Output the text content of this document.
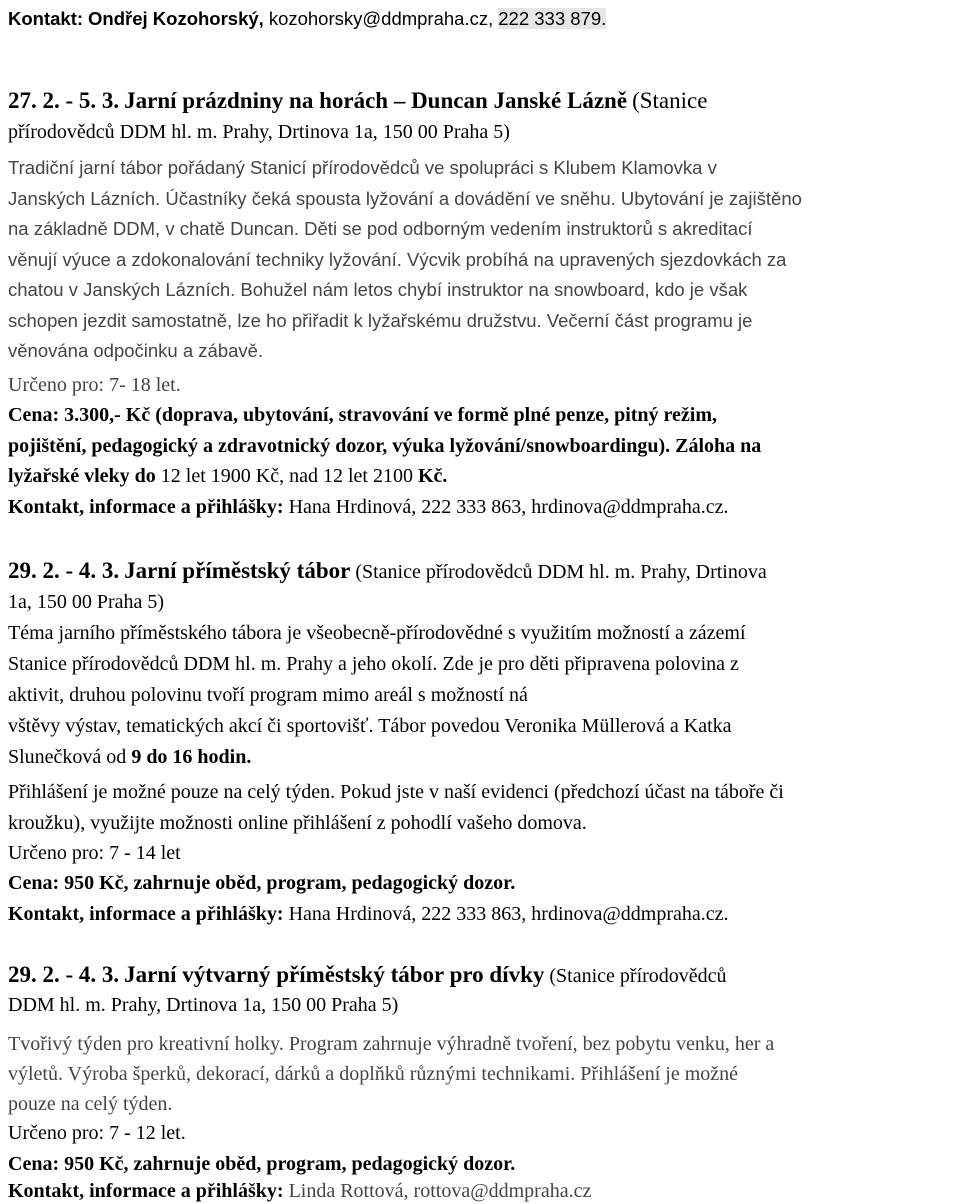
Kontakt: Ondřej Kozohorský, kozohorsky@ddmpraha.cz, 222 333 879.
27. 2. - 5. 3. Jarní prázdniny na horách – Duncan Janské Lázně (Stanice
přírodovědců DDM hl. m. Prahy, Drtinova 1a, 150 00 Praha 5)
Tradiční jarní tábor pořádaný Stanicí přírodovědců ve spolupráci s Klubem Klamovka v
Janských Lázních. Účastníky čeká spousta lyžování a dovádění ve sněhu. Ubytování je zajištěno
na základně DDM, v chatě Duncan. Děti se pod odborným vedením instruktorů s akreditací
věnují výuce a zdokonalování techniky lyžování. Výcvik probíhá na upravených sjezdovkách za
chatou v Janských Lázních. Bohužel nám letos chybí instruktor na snowboard, kdo je však
schopen jezdit samostatně, lze ho přiřadit k lyžařskému družstvu. Večerní část programu je
věnována odpočinku a zábavě.
Určeno pro: 7- 18 let.
Cena: 3.300,- Kč (doprava, ubytování, stravování ve formě plné penze, pitný režim,
pojištění, pedagogický a zdravotnický dozor, výuka lyžování/snowboardingu). Záloha na
lyžařské vleky do 12 let 1900 Kč, nad 12 let 2100 Kč.
Kontakt, informace a přihlášky: Hana Hrdinová, 222 333 863, hrdinova@ddmpraha.cz.
29. 2. - 4. 3. Jarní příměstský tábor (Stanice přírodovědců DDM hl. m. Prahy, Drtinova
1a, 150 00 Praha 5)
Téma jarního příměstského tábora je všeobecně-přírodovědné s využitím možností a zázemí
Stanice přírodovědců DDM hl. m. Prahy a jeho okolí. Zde je pro děti připravena polovina z
aktivit, druhou polovinu tvoří program mimo areál s možností ná
vštěvy výstav, tematických akcí či sportovišť. Tábor povedou Veronika Müllerová a Katka
Slunečková od 9 do 16 hodin.
Přihlášení je možné pouze na celý týden. Pokud jste v naší evidenci (předchozí účast na táboře či
kroužku), využijte možnosti online přihlášení z pohodlí vašeho domova.
Určeno pro: 7 - 14 let
Cena: 950 Kč, zahrnuje oběd, program, pedagogický dozor.
Kontakt, informace a přihlášky: Hana Hrdinová, 222 333 863, hrdinova@ddmpraha.cz.
29. 2. - 4. 3. Jarní výtvarný příměstský tábor pro dívky (Stanice přírodovědců
DDM hl. m. Prahy, Drtinova 1a, 150 00 Praha 5)
Tvořivý týden pro kreativní holky. Program zahrnuje výhradně tvoření, bez pobytu venku, her a
výletů. Výroba šperků, dekorací, dárků a doplňků různými technikami. Přihlášení je možné
pouze na celý týden.
Určeno pro: 7 - 12 let.
Cena: 950 Kč, zahrnuje oběd, program, pedagogický dozor.
Kontakt, informace a přihlášky: Linda Rottová, rottova@ddmpraha.cz
